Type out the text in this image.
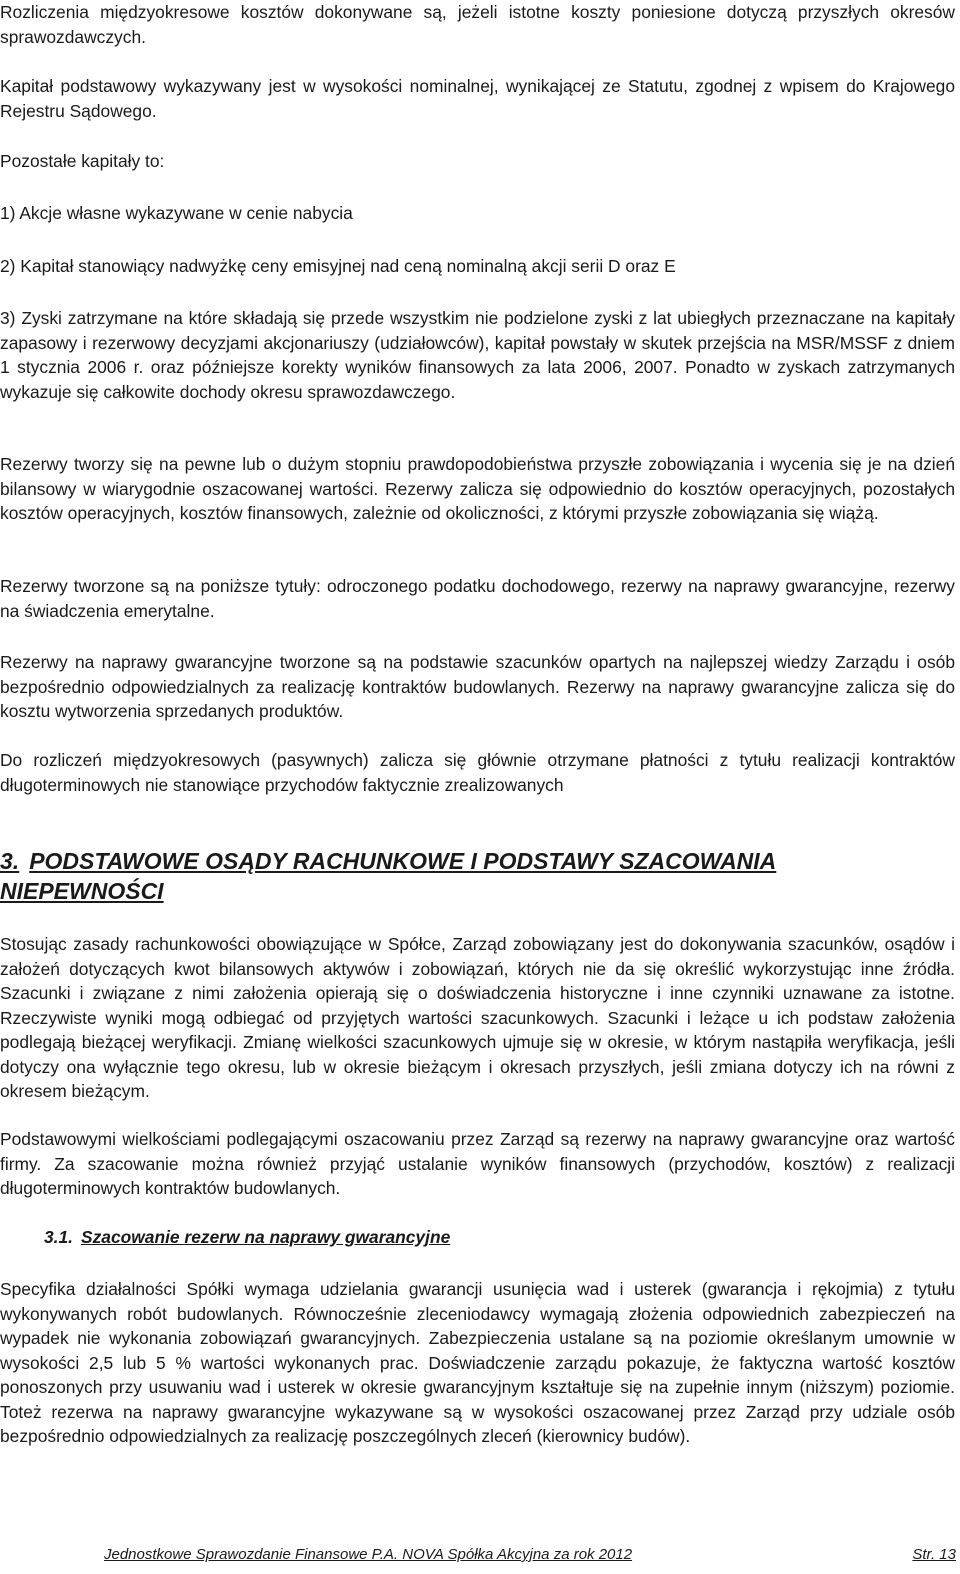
Rozliczenia międzyokresowe kosztów dokonywane są, jeżeli istotne koszty poniesione dotyczą przyszłych okresów sprawozdawczych.

Kapitał podstawowy wykazywany jest w wysokości nominalnej, wynikającej ze Statutu, zgodnej z wpisem do Krajowego Rejestru Sądowego.

Pozostałe kapitały to:

1) Akcje własne wykazywane w cenie nabycia

2) Kapitał stanowiący nadwyżkę ceny emisyjnej nad ceną nominalną akcji serii D oraz E

3) Zyski zatrzymane na które składają się przede wszystkim nie podzielone zyski z lat ubiegłych przeznaczane na kapitały zapasowy i rezerwowy decyzjami akcjonariuszy (udziałowców), kapitał powstały w skutek przejścia na MSR/MSSF z dniem 1 stycznia 2006 r. oraz późniejsze korekty wyników finansowych za lata 2006, 2007. Ponadto w zyskach zatrzymanych wykazuje się całkowite dochody okresu sprawozdawczego.

Rezerwy tworzy się na pewne lub o dużym stopniu prawdopodobieństwa przyszłe zobowiązania i wycenia się je na dzień bilansowy w wiarygodnie oszacowanej wartości. Rezerwy zalicza się odpowiednio do kosztów operacyjnych, pozostałych kosztów operacyjnych, kosztów finansowych, zależnie od okoliczności, z którymi przyszłe zobowiązania się wiążą.

Rezerwy tworzone są na poniższe tytuły: odroczonego podatku dochodowego, rezerwy na naprawy gwarancyjne, rezerwy na świadczenia emerytalne.

Rezerwy na naprawy gwarancyjne tworzone są na podstawie szacunków opartych na najlepszej wiedzy Zarządu i osób bezpośrednio odpowiedzialnych za realizację kontraktów budowlanych. Rezerwy na naprawy gwarancyjne zalicza się do kosztu wytworzenia sprzedanych produktów.

Do rozliczeń międzyokresowych (pasywnych) zalicza się głównie otrzymane płatności z tytułu realizacji kontraktów długoterminowych nie stanowiące przychodów faktycznie zrealizowanych

3. PODSTAWOWE OSĄDY RACHUNKOWE I PODSTAWY SZACOWANIA NIEPEWNOŚCI

Stosując zasady rachunkowości obowiązujące w Spółce, Zarząd zobowiązany jest do dokonywania szacunków, osądów i założeń dotyczących kwot bilansowych aktywów i zobowiązań, których nie da się określić wykorzystując inne źródła. Szacunki i związane z nimi założenia opierają się o doświadczenia historyczne i inne czynniki uznawane za istotne. Rzeczywiste wyniki mogą odbiegać od przyjętych wartości szacunkowych. Szacunki i leżące u ich podstaw założenia podlegają bieżącej weryfikacji. Zmianę wielkości szacunkowych ujmuje się w okresie, w którym nastąpiła weryfikacja, jeśli dotyczy ona wyłącznie tego okresu, lub w okresie bieżącym i okresach przyszłych, jeśli zmiana dotyczy ich na równi z okresem bieżącym.

Podstawowymi wielkościami podlegającymi oszacowaniu przez Zarząd są rezerwy na naprawy gwarancyjne oraz wartość firmy. Za szacowanie można również przyjąć ustalanie wyników finansowych (przychodów, kosztów) z realizacji długoterminowych kontraktów budowlanych.

3.1. Szacowanie rezerw na naprawy gwarancyjne

Specyfika działalności Spółki wymaga udzielania gwarancji usunięcia wad i usterek (gwarancja i rękojmia) z tytułu wykonywanych robót budowlanych. Równocześnie zleceniodawcy wymagają złożenia odpowiednich zabezpieczeń na wypadek nie wykonania zobowiązań gwarancyjnych. Zabezpieczenia ustalane są na poziomie określanym umownie w wysokości 2,5 lub 5 % wartości wykonanych prac. Doświadczenie zarządu pokazuje, że faktyczna wartość kosztów ponoszonych przy usuwaniu wad i usterek w okresie gwarancyjnym kształtuje się na zupełnie innym (niższym) poziomie. Toteż rezerwa na naprawy gwarancyjne wykazywane są w wysokości oszacowanej przez Zarząd przy udziale osób bezpośrednio odpowiedzialnych za realizację poszczególnych zleceń (kierownicy budów).

Jednostkowe Sprawozdanie Finansowe P.A. NOVA Spółka Akcyjna za rok 2012	Str. 13
